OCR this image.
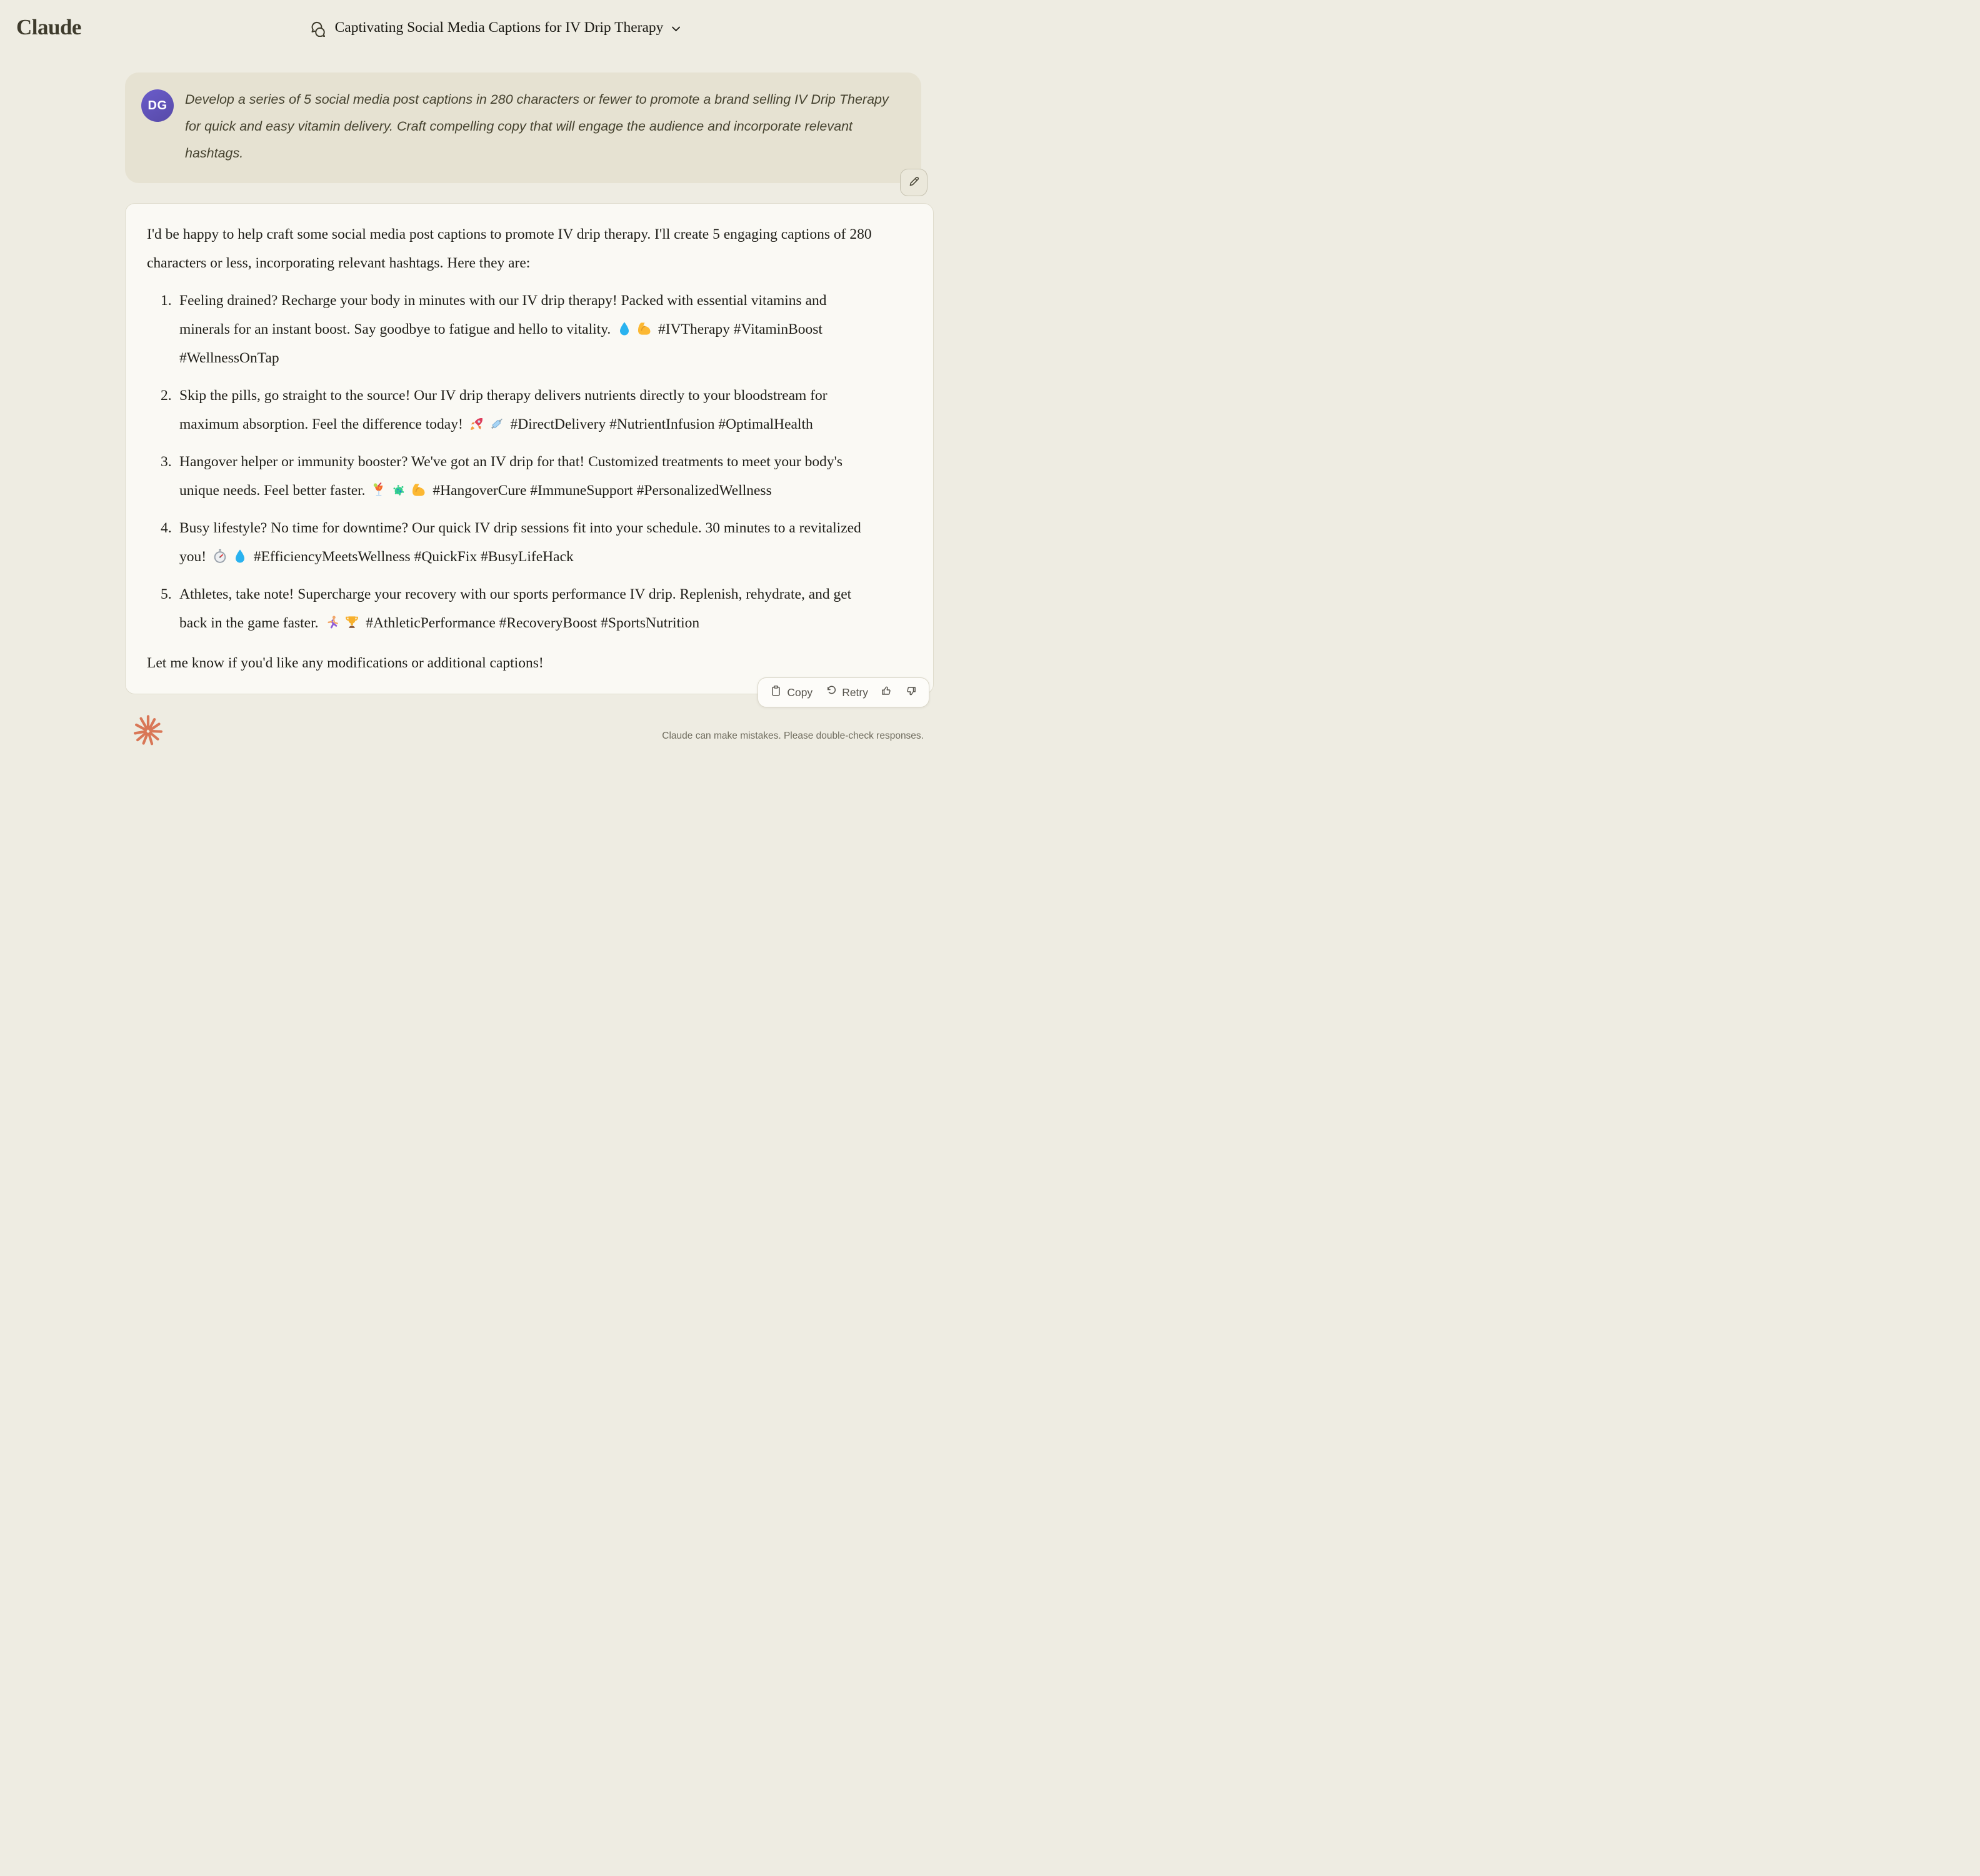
Claude	Captivating Social Media Captions for IV Drip Therapy
DG	Develop a series of 5 social media post captions in 280 characters or fewer to promote a brand selling IV Drip Therapy for quick and easy vitamin delivery. Craft compelling copy that will engage the audience and incorporate relevant hashtags.

I'd be happy to help craft some social media post captions to promote IV drip therapy. I'll create 5 engaging captions of 280 characters or less, incorporating relevant hashtags. Here they are:

1. Feeling drained? Recharge your body in minutes with our IV drip therapy! Packed with essential vitamins and minerals for an instant boost. Say goodbye to fatigue and hello to vitality.	#IVTherapy #VitaminBoost #WellnessOnTap
2. Skip the pills, go straight to the source! Our IV drip therapy delivers nutrients directly to your bloodstream for maximum absorption. Feel the difference today!	#DirectDelivery #NutrientInfusion #OptimalHealth
3. Hangover helper or immunity booster? We've got an IV drip for that! Customized treatments to meet your body's unique needs. Feel better faster.	#HangoverCure #ImmuneSupport #PersonalizedWellness
4. Busy lifestyle? No time for downtime? Our quick IV drip sessions fit into your schedule. 30 minutes to a revitalized you!	#EfficiencyMeetsWellness #QuickFix #BusyLifeHack
5. Athletes, take note! Supercharge your recovery with our sports performance IV drip. Replenish, rehydrate, and get back in the game faster.	#AthleticPerformance #RecoveryBoost #SportsNutrition

Let me know if you'd like any modifications or additional captions!

Copy	Retry

Claude can make mistakes. Please double-check responses.
